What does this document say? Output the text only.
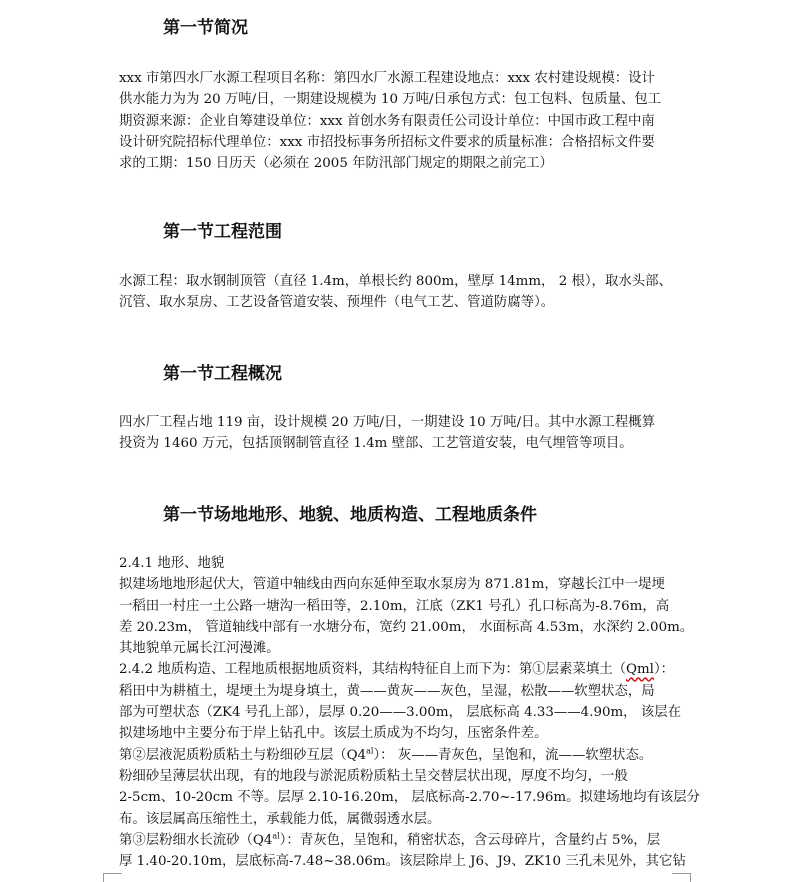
第一节简况
xxx 市第四水厂水源工程项目名称：第四水厂水源工程建设地点：xxx 农村建设规模：设计
供水能力为为 20 万吨/日，一期建设规模为 10 万吨/日承包方式：包工包料、包质量、包工
期资源来源：企业自筹建设单位：xxx 首创水务有限责任公司设计单位：中国市政工程中南
设计研究院招标代理单位：xxx 市招投标事务所招标文件要求的质量标准：合格招标文件要
求的工期：150 日历天（必须在 2005 年防汛部门规定的期限之前完工）
第一节工程范围
水源工程：取水钢制顶管（直径 1.4m，单根长约 800m，壁厚 14mm， 2 根），取水头部、
沉管、取水泵房、工艺设备管道安装、预埋件（电气工艺、管道防腐等）。
第一节工程概况
四水厂工程占地 119 亩，设计规模 20 万吨/日，一期建设 10 万吨/日。其中水源工程概算
投资为 1460 万元，包括顶钢制管直径 1.4m 壁部、工艺管道安装，电气埋管等项目。
第一节场地地形、地貌、地质构造、工程地质条件
2.4.1 地形、地貌
拟建场地地形起伏大，管道中轴线由西向东延伸至取水泵房为 871.81m，穿越长江中一堤埂
一稻田一村庄一土公路一塘沟一稻田等，2.10m，江底（ZK1 号孔）孔口标高为-8.76m，高
差 20.23m， 管道轴线中部有一水塘分布，宽约 21.00m， 水面标高 4.53m，水深约 2.00m。
其地貌单元属长江河漫滩。
2.4.2 地质构造、工程地质根据地质资料，其结构特征自上而下为：第①层素菜填土（Qml）：
稻田中为耕植土，堤埂土为堤身填土，黄——黄灰——灰色，呈湿，松散——软塑状态，局
部为可塑状态（ZK4 号孔上部），层厚 0.20——3.00m， 层底标高 4.33——4.90m， 该层在
拟建场地中主要分布于岸上钻孔中。该层土质成为不均匀，压密条件差。
第②层液泥质粉质粘土与粉细砂互层$(Q4^{al})$： 灰——青灰色，呈饱和，流——软塑状态。
粉细砂呈薄层状出现，有的地段与淤泥质粉质粘土呈交替层状出现，厚度不均匀，一般
2-5cm、10-20cm 不等。层厚 2.10-16.20m， 层底标高-2.70~-17.96m。拟建场地均有该层分
布。该层属高压缩性土，承载能力低，属微弱透水层。
第③层粉细水长流砂$(Q4^{al})$：青灰色，呈饱和，稍密状态，含云母碎片，含量约占 5%，层
厚 1.40-20.10m，层底标高-7.48~38.06m。该层除岸上 J6、J9、ZK10 三孔未见外，其它钻
